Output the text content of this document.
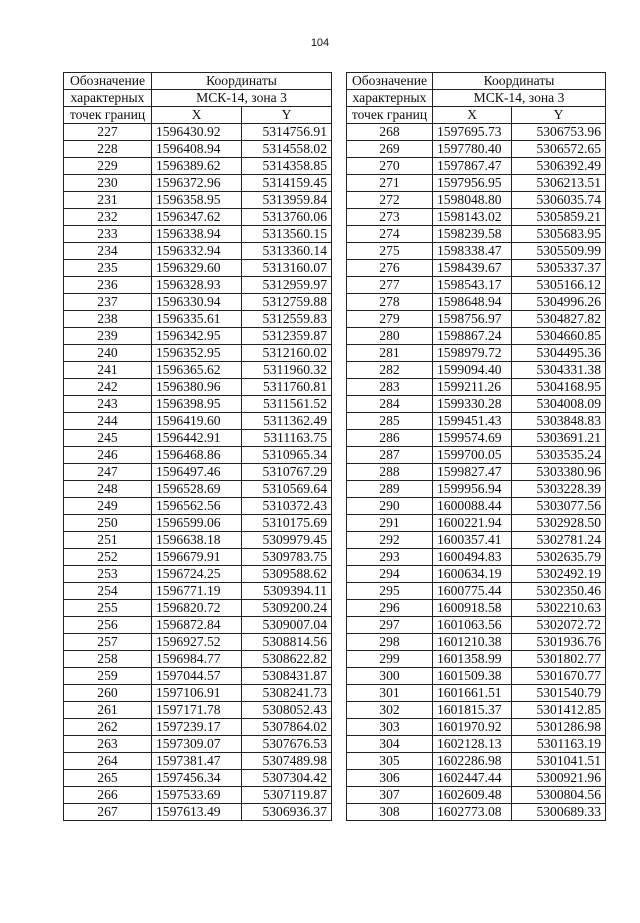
104
Обозначение	Координаты	
характерных	МСК-14, зона 3	
точек границ	X	Y
227	1596430.92	5314756.91
228	1596408.94	5314558.02
229	1596389.62	5314358.85
230	1596372.96	5314159.45
231	1596358.95	5313959.84
232	1596347.62	5313760.06
233	1596338.94	5313560.15
234	1596332.94	5313360.14
235	1596329.60	5313160.07
236	1596328.93	5312959.97
237	1596330.94	5312759.88
238	1596335.61	5312559.83
239	1596342.95	5312359.87
240	1596352.95	5312160.02
241	1596365.62	5311960.32
242	1596380.96	5311760.81
243	1596398.95	5311561.52
244	1596419.60	5311362.49
245	1596442.91	5311163.75
246	1596468.86	5310965.34
247	1596497.46	5310767.29
248	1596528.69	5310569.64
249	1596562.56	5310372.43
250	1596599.06	5310175.69
251	1596638.18	5309979.45
252	1596679.91	5309783.75
253	1596724.25	5309588.62
254	1596771.19	5309394.11
255	1596820.72	5309200.24
256	1596872.84	5309007.04
257	1596927.52	5308814.56
258	1596984.77	5308622.82
259	1597044.57	5308431.87
260	1597106.91	5308241.73
261	1597171.78	5308052.43
262	1597239.17	5307864.02
263	1597309.07	5307676.53
264	1597381.47	5307489.98
265	1597456.34	5307304.42
266	1597533.69	5307119.87
267	1597613.49	5306936.37
Обозначение	Координаты	
характерных	МСК-14, зона 3	
точек границ	X	Y
268	1597695.73	5306753.96
269	1597780.40	5306572.65
270	1597867.47	5306392.49
271	1597956.95	5306213.51
272	1598048.80	5306035.74
273	1598143.02	5305859.21
274	1598239.58	5305683.95
275	1598338.47	5305509.99
276	1598439.67	5305337.37
277	1598543.17	5305166.12
278	1598648.94	5304996.26
279	1598756.97	5304827.82
280	1598867.24	5304660.85
281	1598979.72	5304495.36
282	1599094.40	5304331.38
283	1599211.26	5304168.95
284	1599330.28	5304008.09
285	1599451.43	5303848.83
286	1599574.69	5303691.21
287	1599700.05	5303535.24
288	1599827.47	5303380.96
289	1599956.94	5303228.39
290	1600088.44	5303077.56
291	1600221.94	5302928.50
292	1600357.41	5302781.24
293	1600494.83	5302635.79
294	1600634.19	5302492.19
295	1600775.44	5302350.46
296	1600918.58	5302210.63
297	1601063.56	5302072.72
298	1601210.38	5301936.76
299	1601358.99	5301802.77
300	1601509.38	5301670.77
301	1601661.51	5301540.79
302	1601815.37	5301412.85
303	1601970.92	5301286.98
304	1602128.13	5301163.19
305	1602286.98	5301041.51
306	1602447.44	5300921.96
307	1602609.48	5300804.56
308	1602773.08	5300689.33
